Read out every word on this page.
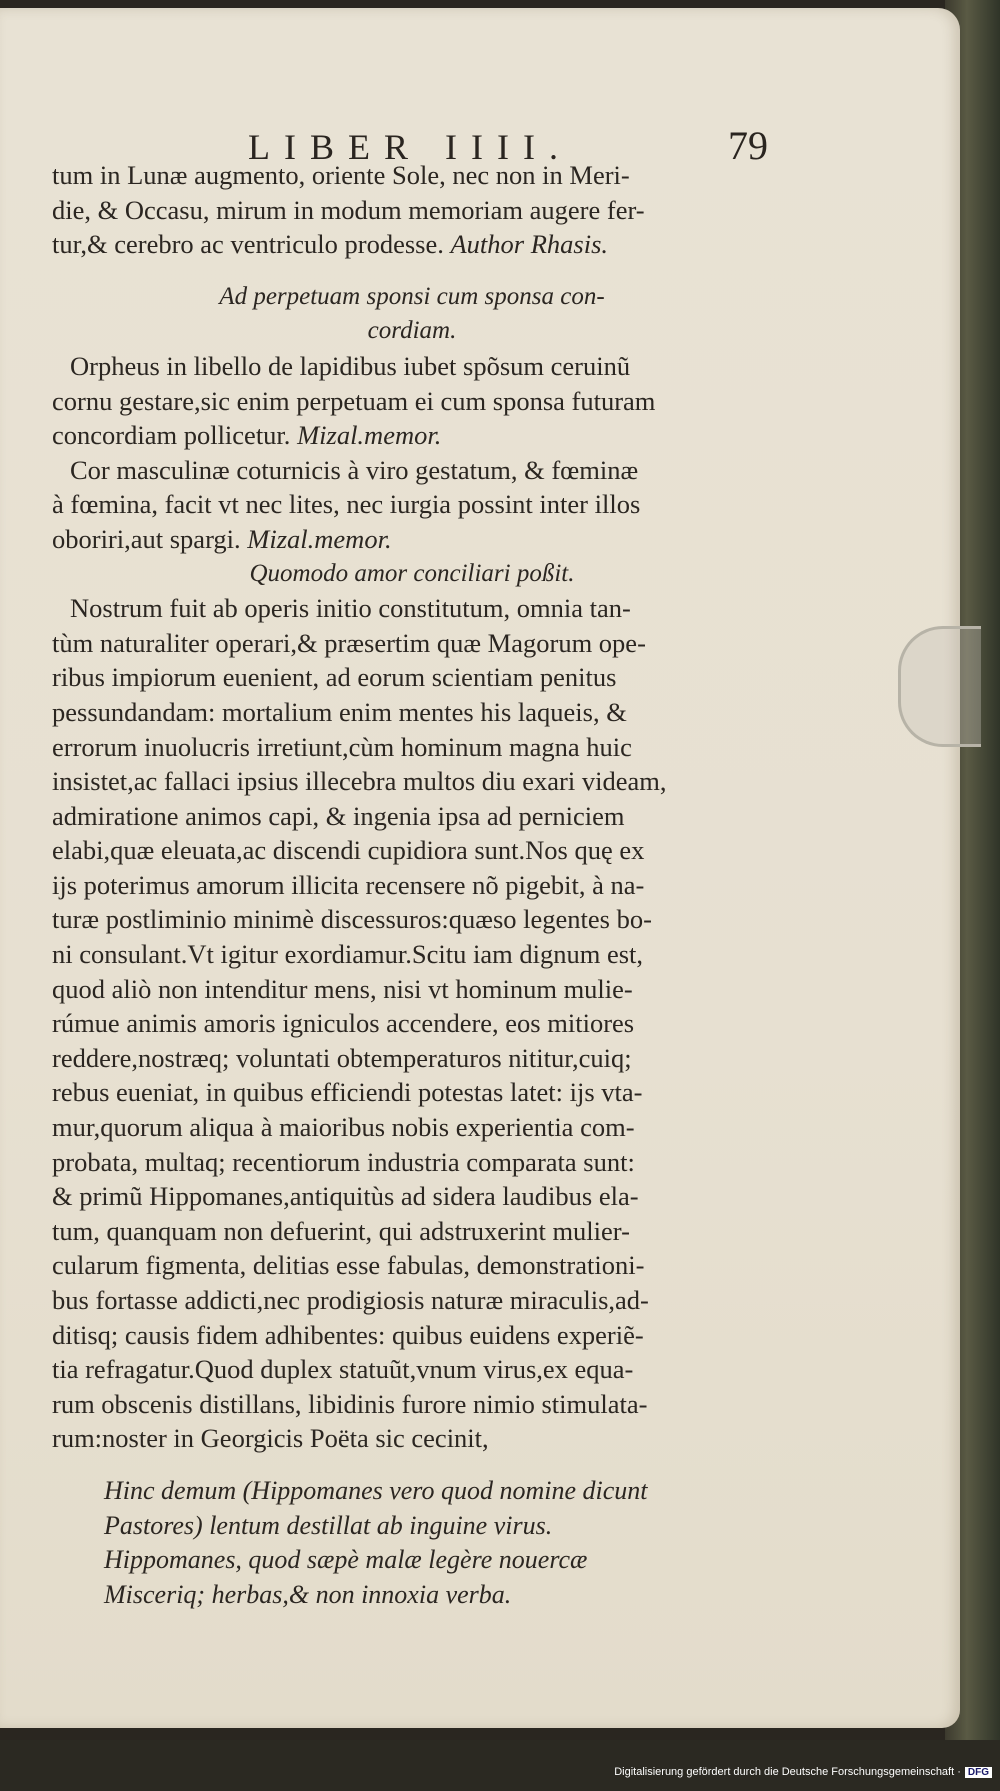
LIBER IIII.	79
tum in Lunæ augmento, oriente Sole, nec non in Meri-
die, & Occasu, mirum in modum memoriam augere fer-
tur,& cerebro ac ventriculo prodesse. Author Rhasis.
Ad perpetuam sponsi cum sponsa con-
cordiam.
Orpheus in libello de lapidibus iubet spõsum ceruinũ
cornu gestare,sic enim perpetuam ei cum sponsa futuram
concordiam pollicetur. Mizal.memor.
Cor masculinæ coturnicis à viro gestatum, & fœminæ
à fœmina, facit vt nec lites, nec iurgia possint inter illos
oboriri,aut spargi. Mizal.memor.
Quomodo amor conciliari poßit.
Nostrum fuit ab operis initio constitutum, omnia tan-
tùm naturaliter operari,& præsertim quæ Magorum ope-
ribus impiorum euenient, ad eorum scientiam penitus
pessundandam: mortalium enim mentes his laqueis, &
errorum inuolucris irretiunt,cùm hominum magna huic
insistet,ac fallaci ipsius illecebra multos diu exari videam,
admiratione animos capi, & ingenia ipsa ad perniciem
elabi,quæ eleuata,ac discendi cupidiora sunt.Nos quę ex
ijs poterimus amorum illicita recensere nõ pigebit, à na-
turæ postliminio minimè discessuros:quæso legentes bo-
ni consulant.Vt igitur exordiamur.Scitu iam dignum est,
quod aliò non intenditur mens, nisi vt hominum mulie-
rúmue animis amoris igniculos accendere, eos mitiores
reddere,nostræq; voluntati obtemperaturos nititur,cuiq;
rebus eueniat, in quibus efficiendi potestas latet: ijs vta-
mur,quorum aliqua à maioribus nobis experientia com-
probata, multaq; recentiorum industria comparata sunt:
& primũ Hippomanes,antiquitùs ad sidera laudibus ela-
tum, quanquam non defuerint, qui adstruxerint mulier-
cularum figmenta, delitias esse fabulas, demonstrationi-
bus fortasse addicti,nec prodigiosis naturæ miraculis,ad-
ditisq; causis fidem adhibentes: quibus euidens experiẽ-
tia refragatur.Quod duplex statuũt,vnum virus,ex equa-
rum obscenis distillans, libidinis furore nimio stimulata-
rum:noster in Georgicis Poëta sic cecinit,
Hinc demum (Hippomanes vero quod nomine dicunt
Pastores) lentum destillat ab inguine virus.
Hippomanes, quod sæpè malæ legère nouercæ
Misceriq; herbas,& non innoxia verba.
Digitalisierung gefördert durch die Deutsche Forschungsgemeinschaft · DFG
